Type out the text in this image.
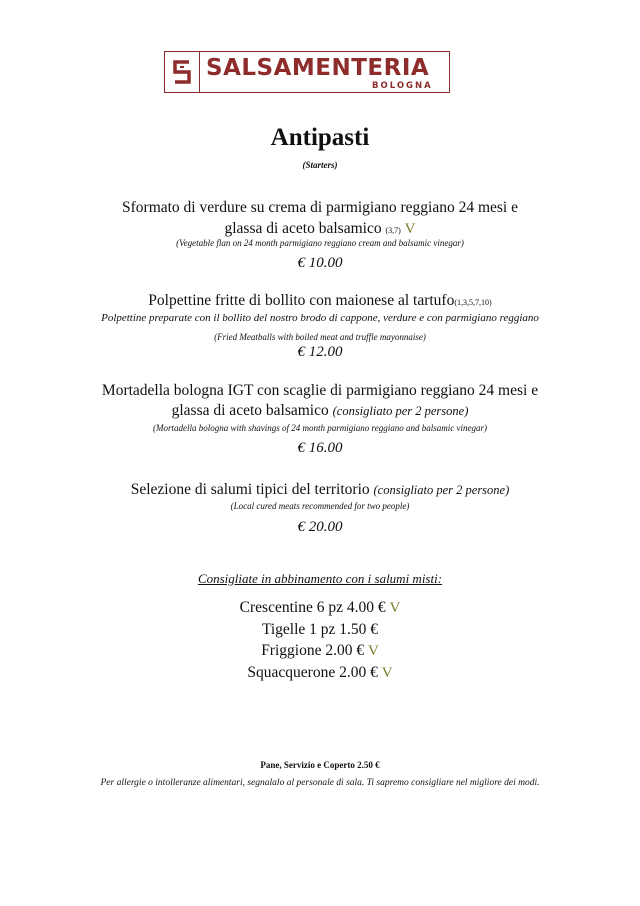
SALSAMENTERIA
BOLOGNA
Antipasti
(Starters)
Sformato di verdure su crema di parmigiano reggiano 24 mesi e
glassa di aceto balsamico (3,7) V
(Vegetable flan on 24 month parmigiano reggiano cream and balsamic vinegar)
€ 10.00
Polpettine fritte di bollito con maionese al tartufo(1,3,5,7,10)
Polpettine preparate con il bollito del nostro brodo di cappone, verdure e con parmigiano reggiano
(Fried Meatballs with boiled meat and truffle mayonnaise)
€ 12.00
Mortadella bologna IGT con scaglie di parmigiano reggiano 24 mesi e
glassa di aceto balsamico (consigliato per 2 persone)
(Mortadella bologna with shavings of 24 month parmigiano reggiano and balsamic vinegar)
€ 16.00
Selezione di salumi tipici del territorio (consigliato per 2 persone)
(Local cured meats recommended for two people)
€ 20.00
Consigliate in abbinamento con i salumi misti:
Crescentine 6 pz 4.00 € V
Tigelle 1 pz 1.50 €
Friggione 2.00 € V
Squacquerone 2.00 € V
Pane, Servizio e Coperto 2.50 €
Per allergie o intolleranze alimentari, segnalalo al personale di sala. Ti sapremo consigliare nel migliore dei modi.
